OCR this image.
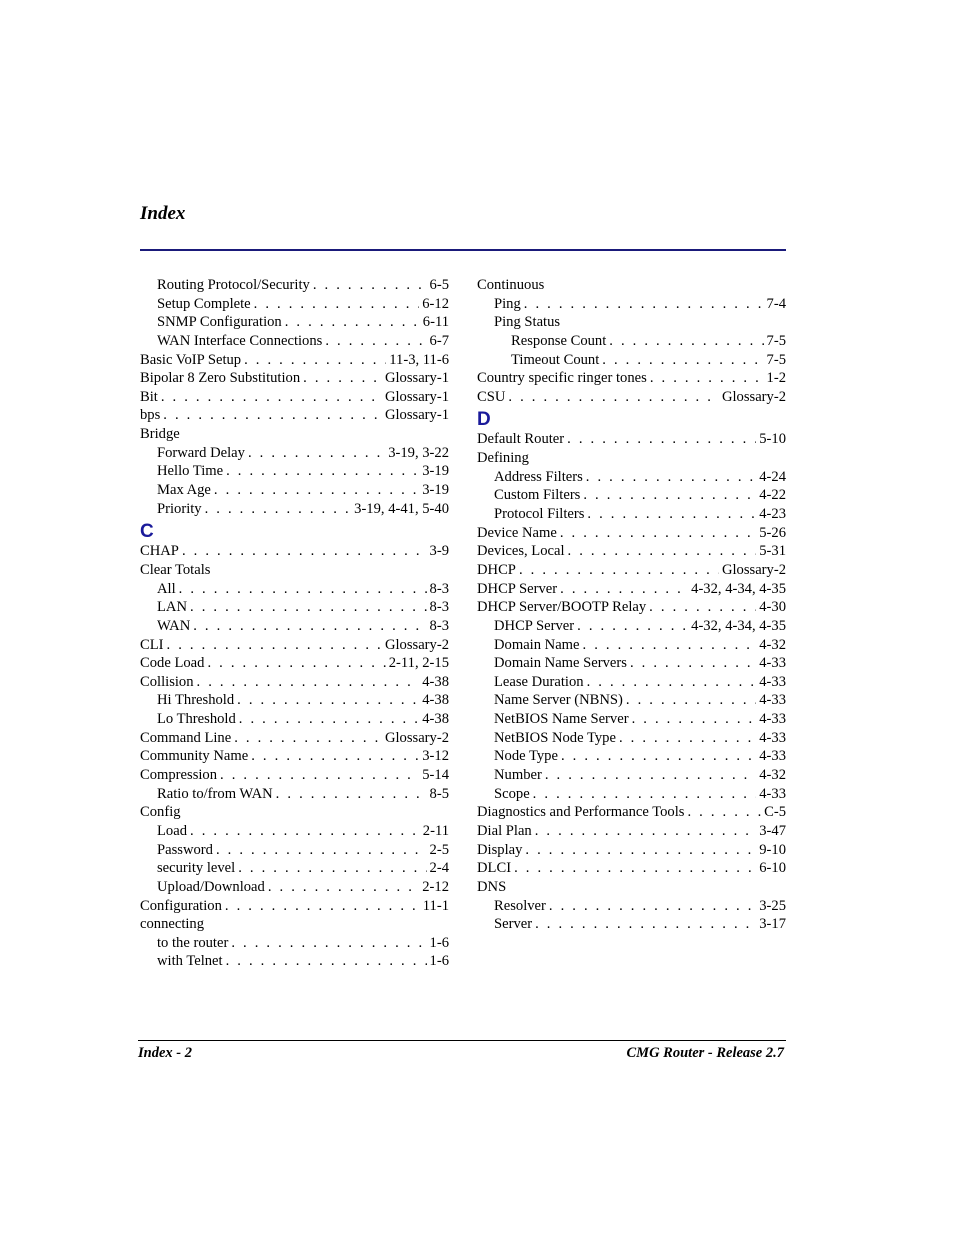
Index
Routing Protocol/Security . . .	6-5
Setup Complete . . .	6-12
SNMP Configuration . . .	6-11
WAN Interface Connections . . .	6-7
Basic VoIP Setup . . .	11-3, 11-6
Bipolar 8 Zero Substitution . . .	Glossary-1
Bit . . .	Glossary-1
bps . . .	Glossary-1
Bridge
Forward Delay . . .	3-19, 3-22
Hello Time . . .	3-19
Max Age . . .	3-19
Priority . . .	3-19, 4-41, 5-40
C
CHAP . . .	3-9
Clear Totals
All . . .	8-3
LAN . . .	8-3
WAN . . .	8-3
CLI . . .	Glossary-2
Code Load . . .	2-11, 2-15
Collision . . .	4-38
Hi Threshold . . .	4-38
Lo Threshold . . .	4-38
Command Line . . .	Glossary-2
Community Name . . .	3-12
Compression . . .	5-14
Ratio to/from WAN . . .	8-5
Config
Load . . .	2-11
Password . . .	2-5
security level . . .	2-4
Upload/Download . . .	2-12
Configuration . . .	11-1
connecting
to the router . . .	1-6
with Telnet . . .	1-6
Continuous
Ping . . .	7-4
Ping Status
Response Count . . .	7-5
Timeout Count . . .	7-5
Country specific ringer tones . . .	1-2
CSU . . .	Glossary-2
D
Default Router . . .	5-10
Defining
Address Filters . . .	4-24
Custom Filters . . .	4-22
Protocol Filters . . .	4-23
Device Name . . .	5-26
Devices, Local . . .	5-31
DHCP . . .	Glossary-2
DHCP Server . . .	4-32, 4-34, 4-35
DHCP Server/BOOTP Relay . . .	4-30
DHCP Server . . .	4-32, 4-34, 4-35
Domain Name . . .	4-32
Domain Name Servers . . .	4-33
Lease Duration . . .	4-33
Name Server (NBNS) . . .	4-33
NetBIOS Name Server . . .	4-33
NetBIOS Node Type . . .	4-33
Node Type . . .	4-33
Number . . .	4-32
Scope . . .	4-33
Diagnostics and Performance Tools . . .	C-5
Dial Plan . . .	3-47
Display . . .	9-10
DLCI . . .	6-10
DNS
Resolver . . .	3-25
Server . . .	3-17
Index - 2	CMG Router - Release 2.7
